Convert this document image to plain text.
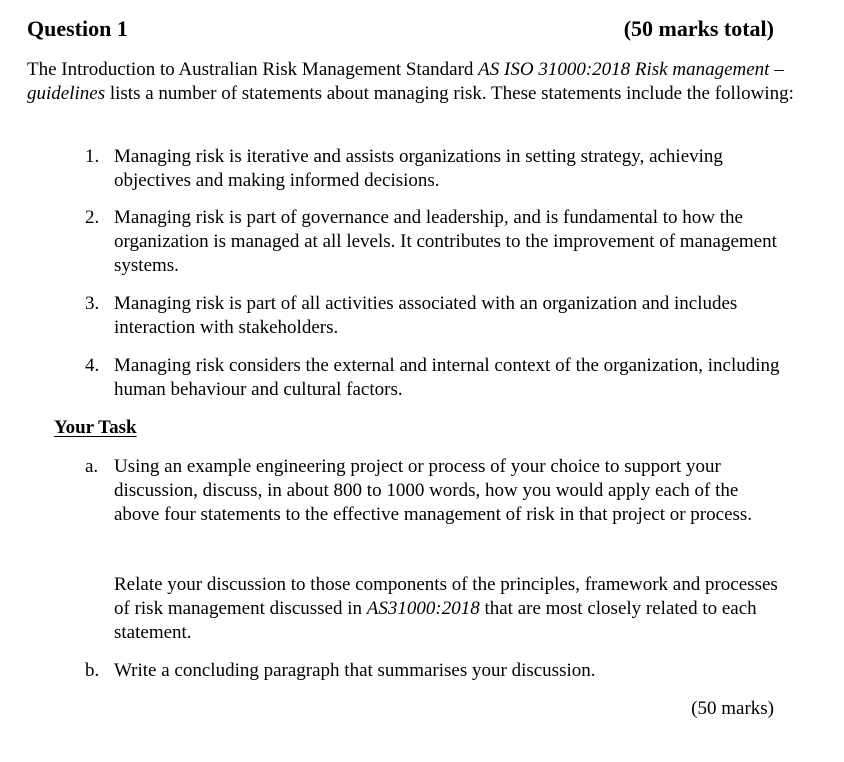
Question 1	(50 marks total)
The Introduction to Australian Risk Management Standard AS ISO 31000:2018 Risk management – guidelines lists a number of statements about managing risk. These statements include the following:
1. Managing risk is iterative and assists organizations in setting strategy, achieving objectives and making informed decisions.
2. Managing risk is part of governance and leadership, and is fundamental to how the organization is managed at all levels. It contributes to the improvement of management systems.
3. Managing risk is part of all activities associated with an organization and includes interaction with stakeholders.
4. Managing risk considers the external and internal context of the organization, including human behaviour and cultural factors.
Your Task
a. Using an example engineering project or process of your choice to support your discussion, discuss, in about 800 to 1000 words, how you would apply each of the above four statements to the effective management of risk in that project or process.
Relate your discussion to those components of the principles, framework and processes of risk management discussed in AS31000:2018 that are most closely related to each statement.
b. Write a concluding paragraph that summarises your discussion.
(50 marks)
